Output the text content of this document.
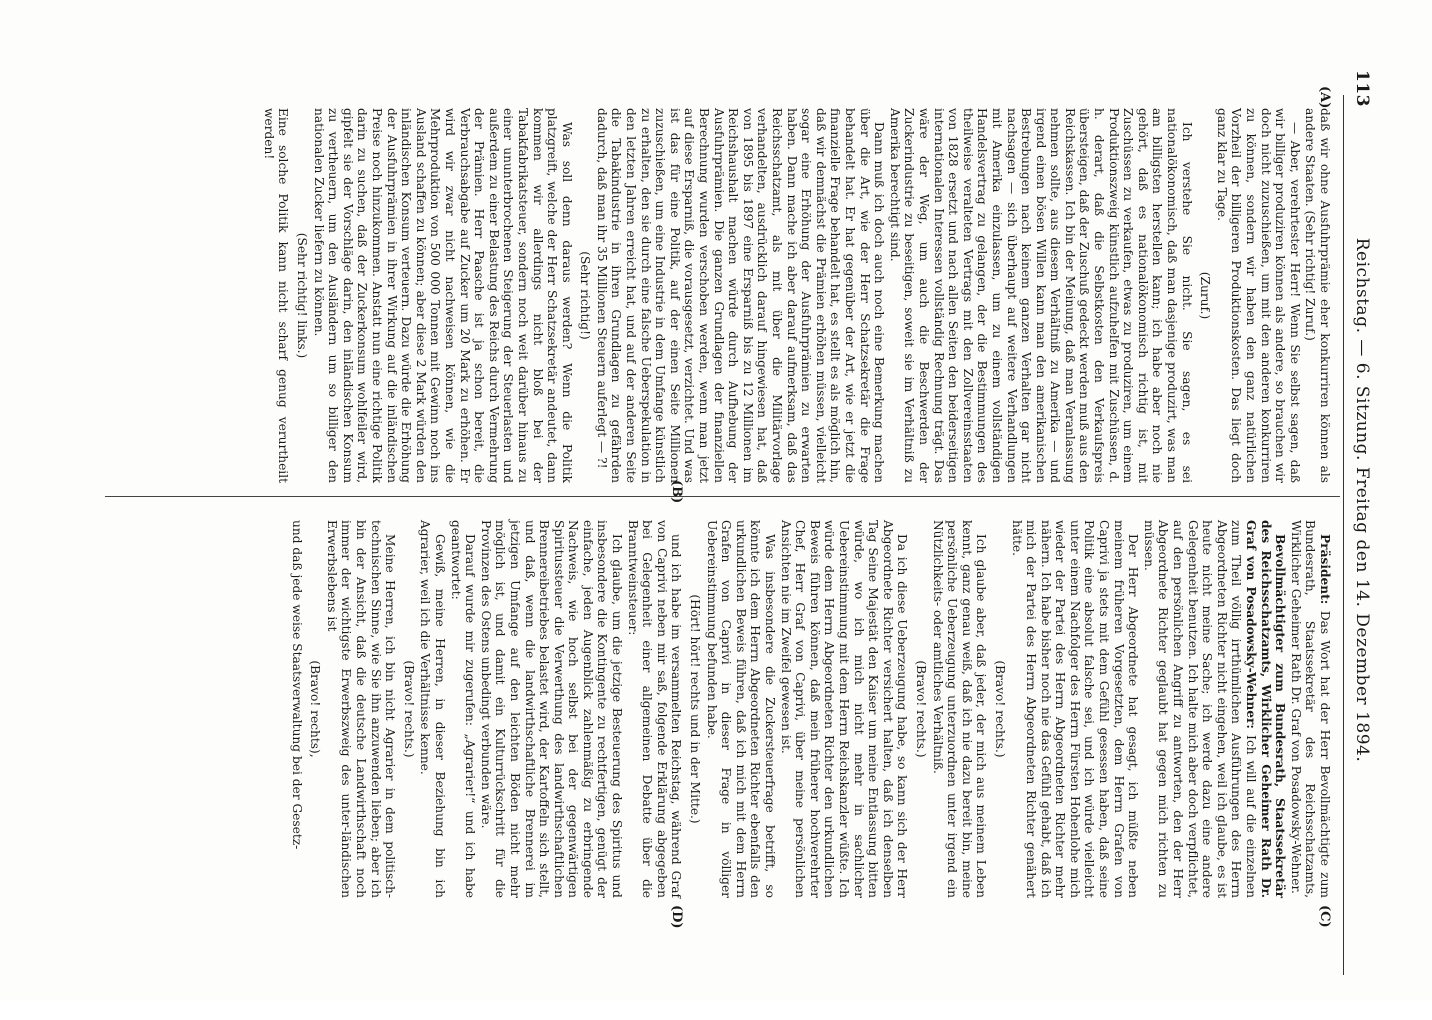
113
Reichstag. — 6. Sitzung. Freitag den 14. Dezember 1894.
(A)
(B)
(C)
(D)

daß wir ohne Ausfuhrprämie eher konkurriren können als andere Staaten. (Sehr richtig! Zuruf.)

— Aber, verehrtester Herr! Wenn Sie selbst sagen, daß wir billiger produziren können als andere, so brauchen wir doch nicht zuzuschießen, um mit den anderen konkurriren zu können, sondern wir haben den ganz natürlichen Vorzheil der billigeren Produktionskosten. Das liegt doch ganz klar zu Tage.

(Zuruf.)

Ich verstehe Sie nicht. Sie sagen, es sei nationalökonomisch, daß man dasjenige produzirt, was man am billigsten herstellen kann; ich habe aber noch nie gehört, daß es nationalökonomisch richtig ist, mit Zuschüssen zu verkaufen, etwas zu produziren, um einem Produktionszweig künstlich aufzuhelfen mit Zuschüssen, d. h. derart, daß die Selbstkosten den Verkaufspreis übersteigen, daß der Zuschuß gedeckt werden muß aus den Reichskassen. Ich bin der Meinung, daß man Veranlassung nehmen sollte, aus diesem Verhältniß zu Amerika — und irgend einen bösen Willen kann man den amerikanischen Bestrebungen nach keinem ganzen Verhalten gar nicht nachsagen — sich überhaupt auf weitere Verhandlungen mit Amerika einzulassen, um zu einem vollständigen Handelsvertrag zu gelangen, der die Bestimmungen des theilweise veralteten Vertrags mit den Zollvereinsstaaten von 1828 ersetzt und nach allen Seiten den beiderseitigen internationalen Interessen vollständig Rechnung trägt. Das wäre der Weg, um auch die Beschwerden der Zuckerindustrie zu beseitigen, soweit sie im Verhältniß zu Amerika berechtigt sind.

Dann muß ich doch auch noch eine Bemerkung machen über die Art, wie der Herr Schatzsekretär die Frage behandelt hat. Er hat gegenüber der Art, wie er jetzt die finanzielle Frage behandelt hat, es stellt es als möglich hin, daß wir demnächst die Prämien erhöhen müssen, vielleicht sogar eine Erhöhung der Ausfuhrprämien zu erwarten haben. Dann mache ich aber darauf aufmerksam, daß das Reichsschatzamt, als mit über die Militärvorlage verhandelten, ausdrücklich darauf hingewiesen hat, daß von 1895 bis 1897 eine Ersparniß bis zu 12 Millionen im Reichshaushalt machen würde durch Aufhebung der Ausfuhrprämien. Die ganzen Grundlagen der finanziellen Berechnung wurden verschoben werden, wenn man jetzt auf diese Ersparniß, die vorausgesetzt, verzichtet. Und was ist das für eine Politik, auf der einen Seite Millionen zuzuschießen, um eine Industrie in dem Umfange künstlich zu erhalten, den sie durch eine falsche Ueberspekulation in den letzten Jahren erreicht hat, und auf der anderen Seite die Tabakindustrie in ihren Grundlagen zu gefährden dadurch, daß man ihr 35 Millionen Steuern auferlegt — ?!

(Sehr richtig!)

Was soll denn daraus werden? Wenn die Politik platzgreift, welche der Herr Schatzsekretär andeutet, dann kommen wir allerdings nicht bloß bei der Tabakfabrikatsteuer, sondern noch weit darüber hinaus zu einer ununterbrochenen Steigerung der Steuerlasten und außerdem zu einer Belastung des Reichs durch Vermehrung der Prämien. Herr Paasche ist ja schon bereit, die Verbrauchsabgabe auf Zucker um 20 Mark zu erhöhen. Er wird wir zwar nicht nachweisen können, wie die Mehrproduktion von 500 000 Tonnen mit Gewinn noch ins Ausland schaffen zu können; aber diese 2 Mark würden den inländischen Konsum verteuern. Dazu würde die Erhöhung der Ausfuhrprämien in ihrer Wirkung auf die inländischen Preise noch hinzukommen. Anstatt nun eine richtige Politik darin zu suchen, daß der Zuckerkonsum wohlfeiler wird, gipfelt sie der Vorschläge darin, den inländischen Konsum zu vertheuern, um den Ausländern um so billiger den nationalen Zucker liefern zu können.

(Sehr richtig! links.)

Eine solche Politik kann nicht scharf genug verurtheilt werden!

Präsident: Das Wort hat der Herr Bevollmächtigte zum Bundesrath, Staatssekretär des Reichsschatzamts, Wirklicher Geheimer Rath Dr. Graf von Posadowsky-Wehner.

Bevollmächtigter zum Bundesrath, Staatssekretär des Reichsschatzamts, Wirklicher Geheimer Rath Dr. Graf von Posadowsky-Wehner: Ich will auf die einzelnen zum Theil völlig irrthümlichen Ausführungen des Herrn Abgeordneten Richter nicht eingehen, weil ich glaube, es ist heute nicht meine Sache; ich werde dazu eine andere Gelegenheit benutzen. Ich halte mich aber doch verpflichtet, auf den persönlichen Angriff zu antworten, den der Herr Abgeordnete Richter geglaubt hat gegen mich richten zu müssen.

Der Herr Abgeordnete hat gesagt, ich müßte neben meinem früheren Vorgesetzten, dem Herrn Grafen von Caprivi ja stets mit dem Gefühl gesessen haben, daß seine Politik eine absolut falsche sei, und ich würde vielleicht unter einem Nachfolger des Herrn Fürsten Hohenlohe mich wieder der Partei des Herrn Abgeordneten Richter mehr nähern. Ich habe bisher noch nie das Gefühl gehabt, daß ich mich der Partei des Herrn Abgeordneten Richter genähert hätte.

(Bravo! rechts.)

Ich glaube aber, daß jeder, der mich aus meinem Leben kennt, ganz genau weiß, daß ich nie dazu bereit bin, meine persönliche Ueberzeugung unterzuordnen unter irgend ein Nützlichkeits- oder amtliches Verhältniß.

(Bravo! rechts.)

Da ich diese Ueberzeugung habe, so kann sich der Herr Abgeordnete Richter versichert halten, daß ich denselben Tag Seine Majestät den Kaiser um meine Entlassung bitten würde, wo ich mich nicht mehr in sachlicher Uebereinstimmung mit dem Herrn Reichskanzler wüßte. Ich würde dem Herrn Abgeordneten Richter den urkundlichen Beweis führen können, daß mein früherer hochverehrter Chef, Herr Graf von Caprivi, über meine persönlichen Ansichten nie im Zweifel gewesen ist.

Was insbesondere die Zuckersteuerfrage betrifft, so könnte ich dem Herrn Abgeordneten Richter ebenfalls den urkundlichen Beweis führen, daß ich mich mit dem Herrn Grafen von Caprivi in dieser Frage in völliger Uebereinstimmung befunden habe.

(Hört! hört! rechts und in der Mitte.)

und ich habe im versammelten Reichstag, während Graf von Caprivi neben mir saß, folgende Erklärung abgegeben bei Gelegenheit einer allgemeinen Debatte über die Branntweinsteuer:

Ich glaube, um die jetzige Besteuerung des Spiritus und insbesondere die Kontingente zu rechtfertigen, genügt der einfache, jeden Augenblick zahlenmäßig zu erbringende Nachweis, wie hoch selbst bei der gegenwärtigen Spiritussteuer die Verwerthung des landwirthschaftlichen Brennereibetriebes belastet wird, der Kartoffeln sich stellt, und daß, wenn die landwirthschaftliche Brennerei im jetzigen Umfange auf den leichten Böden nicht mehr möglich ist, und damit ein Kulturrückschritt für die Provinzen des Ostens unbedingt verbunden wäre.

Darauf wurde mir zugerufen: „Agrarier!“ und ich habe geantwortet:

Gewiß, meine Herren, in dieser Beziehung bin ich Agrarier, weil ich die Verhältnisse kenne.

(Bravo! rechts.)

Meine Herren, ich bin nicht Agrarier in dem politisch-technischen Sinne, wie Sie ihn anzuwenden lieben; aber ich bin der Ansicht, daß die deutsche Landwirthschaft noch immer der wichtigste Erwerbszweig des unter-ländischen Erwerbslebens ist

(Bravo! rechts),

und daß jede weise Staatsverwaltung bei der Gesetz-
